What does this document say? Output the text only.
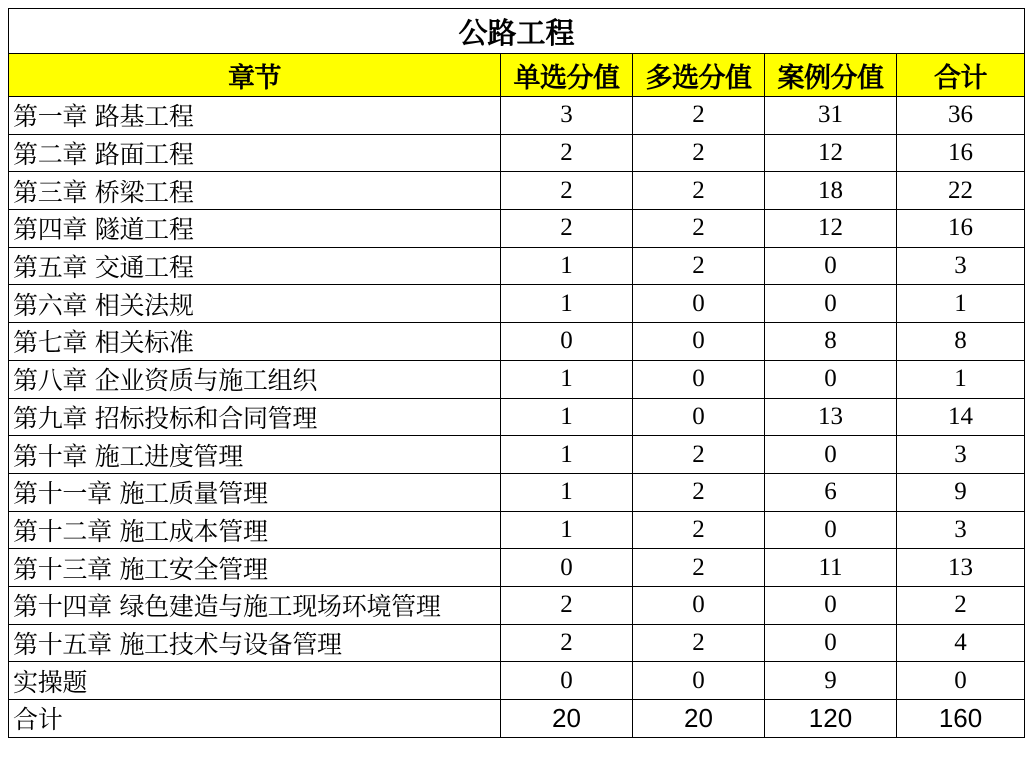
公路工程				
章节	单选分值	多选分值	案例分值	合计
第一章 路基工程	3	2	31	36
第二章 路面工程	2	2	12	16
第三章 桥梁工程	2	2	18	22
第四章 隧道工程	2	2	12	16
第五章 交通工程	1	2	0	3
第六章 相关法规	1	0	0	1
第七章 相关标准	0	0	8	8
第八章 企业资质与施工组织	1	0	0	1
第九章 招标投标和合同管理	1	0	13	14
第十章 施工进度管理	1	2	0	3
第十一章 施工质量管理	1	2	6	9
第十二章 施工成本管理	1	2	0	3
第十三章 施工安全管理	0	2	11	13
第十四章 绿色建造与施工现场环境管理	2	0	0	2
第十五章 施工技术与设备管理	2	2	0	4
实操题	0	0	9	0
合计	20	20	120	160
